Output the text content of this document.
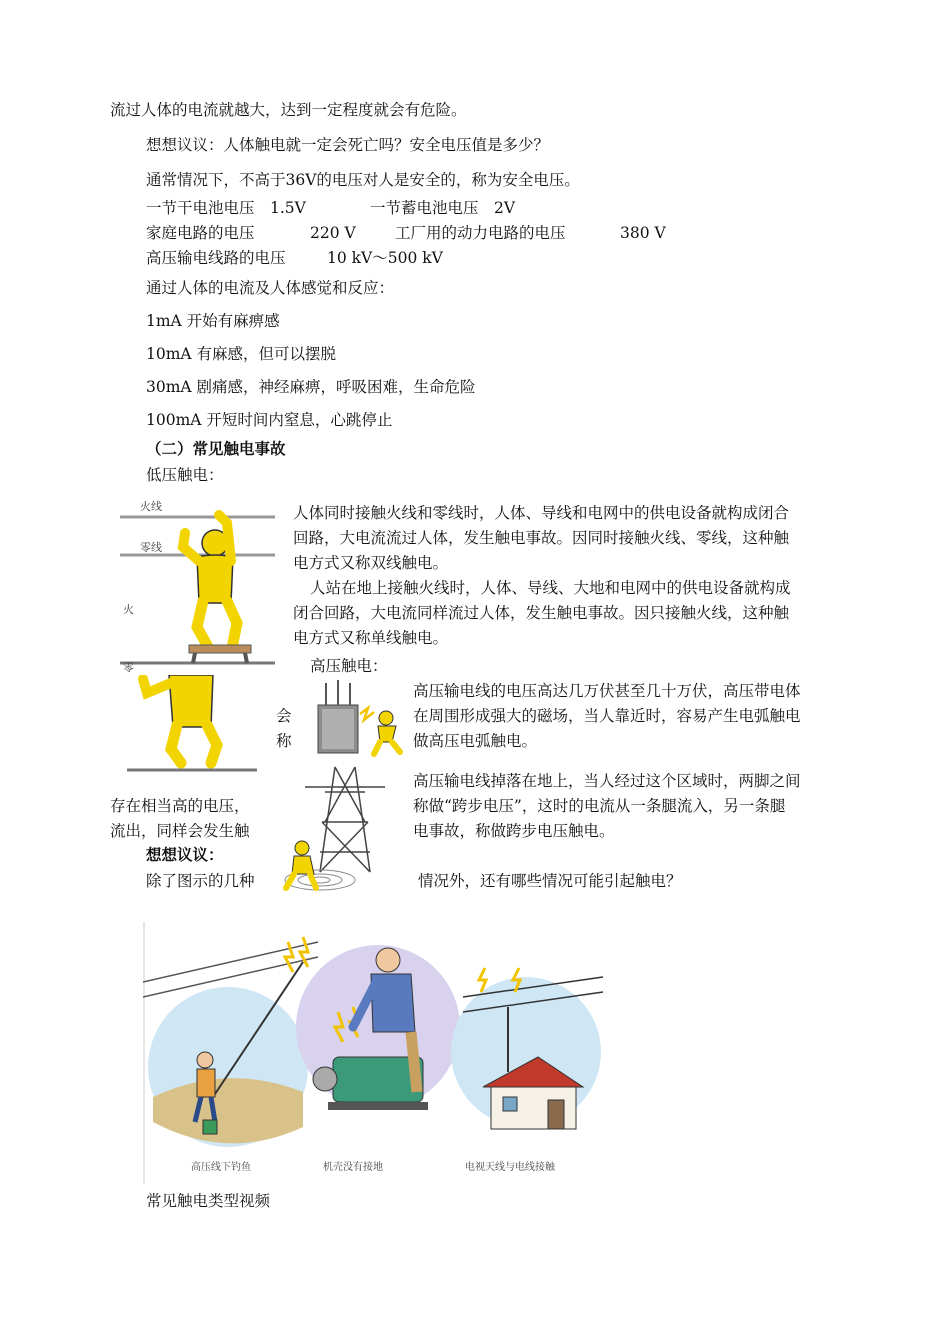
流过人体的电流就越大，达到一定程度就会有危险。
想想议议：人体触电就一定会死亡吗？安全电压值是多少？
通常情况下，不高于36V的电压对人是安全的，称为安全电压。
一节干电池电压　1.5V	一节蓄电池电压　2V
家庭电路的电压	220 V	工厂用的动力电路的电压	380 V
高压输电线路的电压	10 kV～500 kV
通过人体的电流及人体感觉和反应：
1mA 开始有麻痹感
10mA 有麻感，但可以摆脱
30mA 剧痛感，神经麻痹，呼吸困难，生命危险
100mA 开短时间内窒息，心跳停止
（二）常见触电事故
低压触电：
火线
零线
火
零
人体同时接触火线和零线时，人体、导线和电网中的供电设备就构成闭合
回路，大电流流过人体，发生触电事故。因同时接触火线、零线，这种触
电方式又称双线触电。
人站在地上接触火线时，人体、导线、大地和电网中的供电设备就构成
闭合回路，大电流同样流过人体，发生触电事故。因只接触火线，这种触
电方式又称单线触电。
高压触电：
会
称
高压输电线的电压高达几万伏甚至几十万伏，高压带电体
在周围形成强大的磁场，当人靠近时，容易产生电弧触电
做高压电弧触电。
高压输电线掉落在地上，当人经过这个区域时，两脚之间
存在相当高的电压，	称做“跨步电压”，这时的电流从一条腿流入，另一条腿
流出，同样会发生触	电事故，称做跨步电压触电。
想想议议：
除了图示的几种	情况外，还有哪些情况可能引起触电？
高压线下钓鱼	机壳没有接地	电视天线与电线接触
常见触电类型视频
